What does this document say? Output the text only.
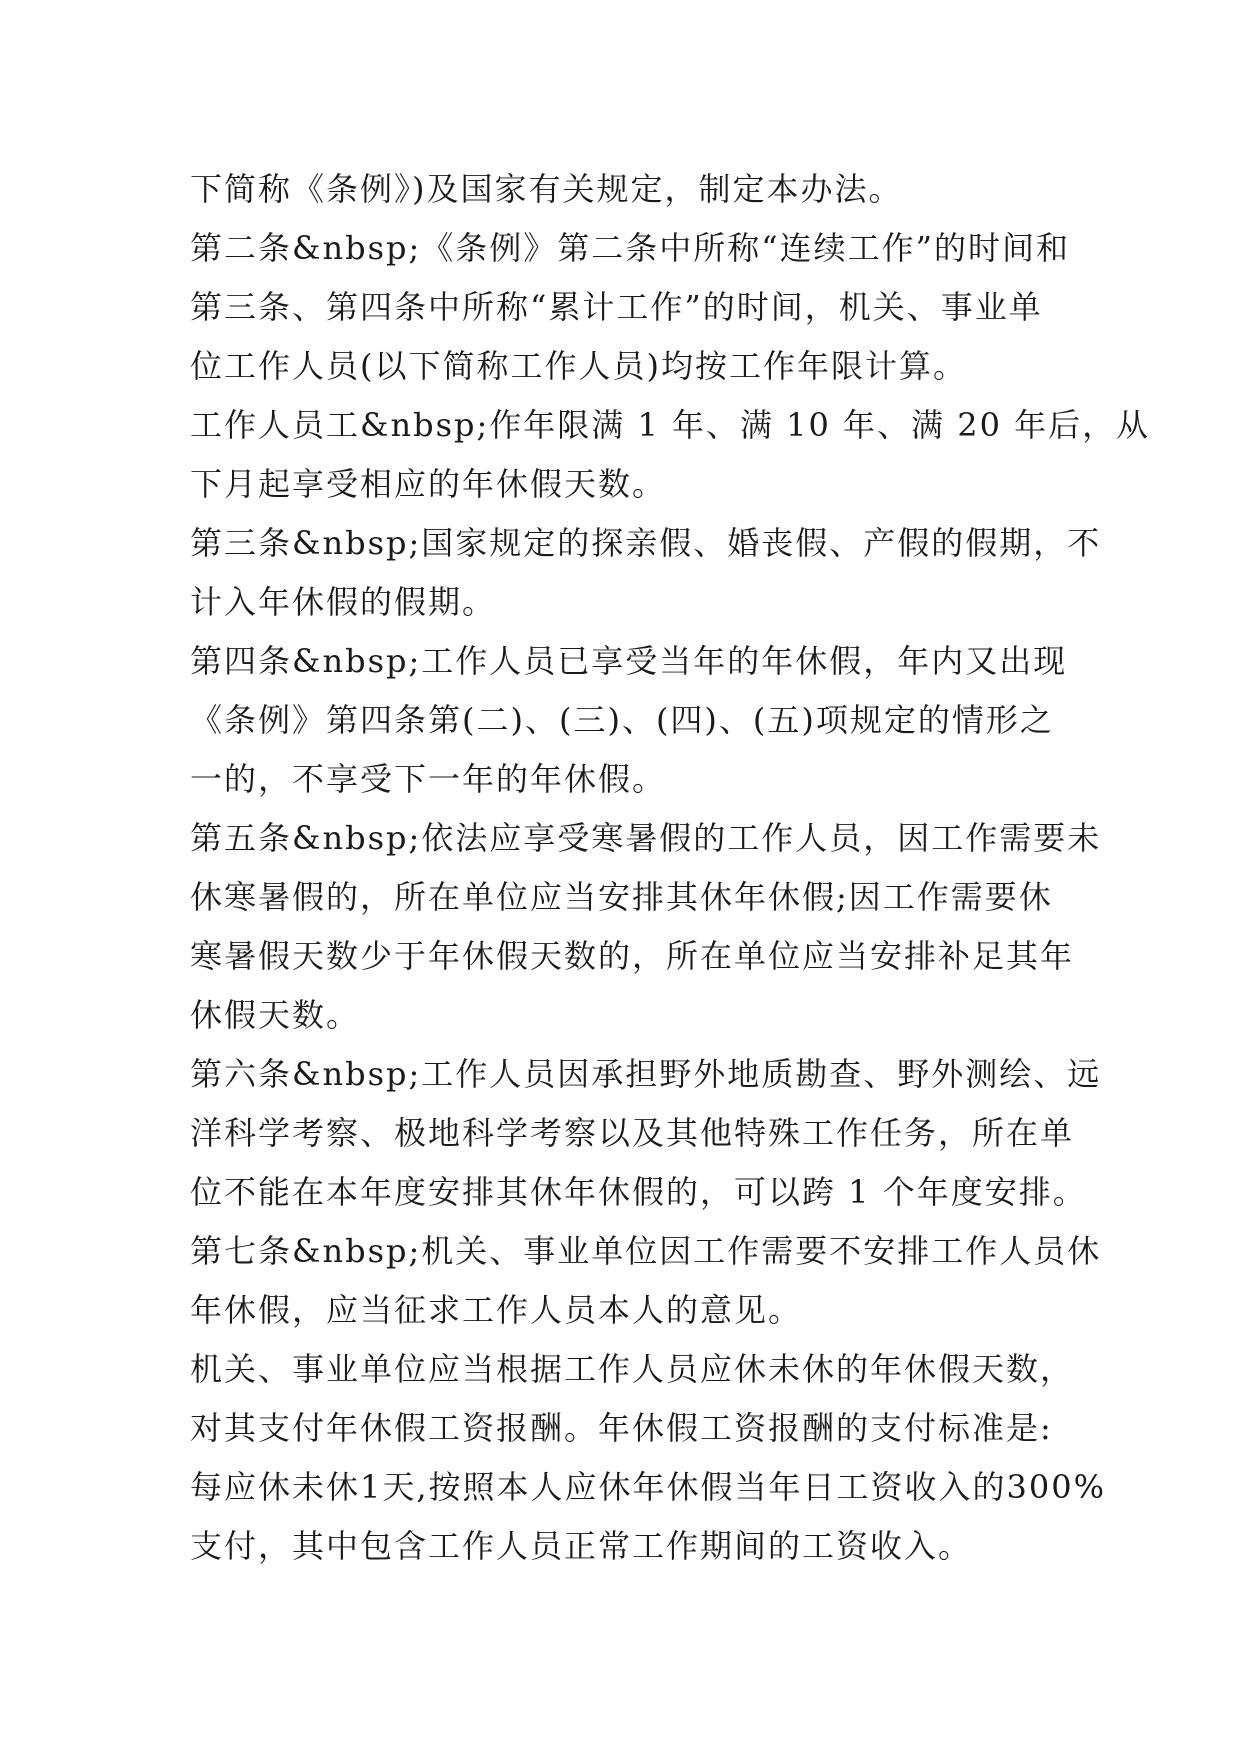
下简称《条例》)及国家有关规定，制定本办法。
第二条&nbsp;《条例》第二条中所称“连续工作”的时间和
第三条、第四条中所称“累计工作”的时间，机关、事业单
位工作人员(以下简称工作人员)均按工作年限计算。
工作人员工&nbsp;作年限满 1 年、满 10 年、满 20 年后，从
下月起享受相应的年休假天数。
第三条&nbsp;国家规定的探亲假、婚丧假、产假的假期，不
计入年休假的假期。
第四条&nbsp;工作人员已享受当年的年休假，年内又出现
《条例》第四条第(二)、(三)、(四)、(五)项规定的情形之
一的，不享受下一年的年休假。
第五条&nbsp;依法应享受寒暑假的工作人员，因工作需要未
休寒暑假的，所在单位应当安排其休年休假;因工作需要休
寒暑假天数少于年休假天数的，所在单位应当安排补足其年
休假天数。
第六条&nbsp;工作人员因承担野外地质勘查、野外测绘、远
洋科学考察、极地科学考察以及其他特殊工作任务，所在单
位不能在本年度安排其休年休假的，可以跨 1 个年度安排。
第七条&nbsp;机关、事业单位因工作需要不安排工作人员休
年休假，应当征求工作人员本人的意见。
机关、事业单位应当根据工作人员应休未休的年休假天数，
对其支付年休假工资报酬。年休假工资报酬的支付标准是:
每应休未休1天,按照本人应休年休假当年日工资收入的300%
支付，其中包含工作人员正常工作期间的工资收入。
